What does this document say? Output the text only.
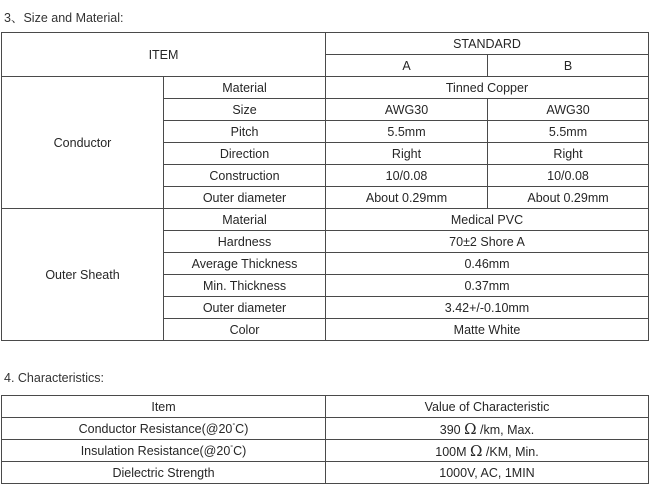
3、Size and Material:
ITEM		STANDARD	
		A	B
Conductor	Material	Tinned Copper	
	Size	AWG30	AWG30
	Pitch	5.5mm	5.5mm
	Direction	Right	Right
	Construction	10/0.08	10/0.08
	Outer diameter	About 0.29mm	About 0.29mm
Outer Sheath	Material	Medical PVC	
	Hardness	70±2 Shore A	
	Average Thickness	0.46mm	
	Min. Thickness	0.37mm	
	Outer diameter	3.42+/-0.10mm	
	Color	Matte White	
4. Characteristics:
Item	Value of Characteristic
Conductor Resistance(@20°C)	390 Ω /km, Max.
Insulation Resistance(@20°C)	100M Ω /KM, Min.
Dielectric Strength	1000V, AC, 1MIN
